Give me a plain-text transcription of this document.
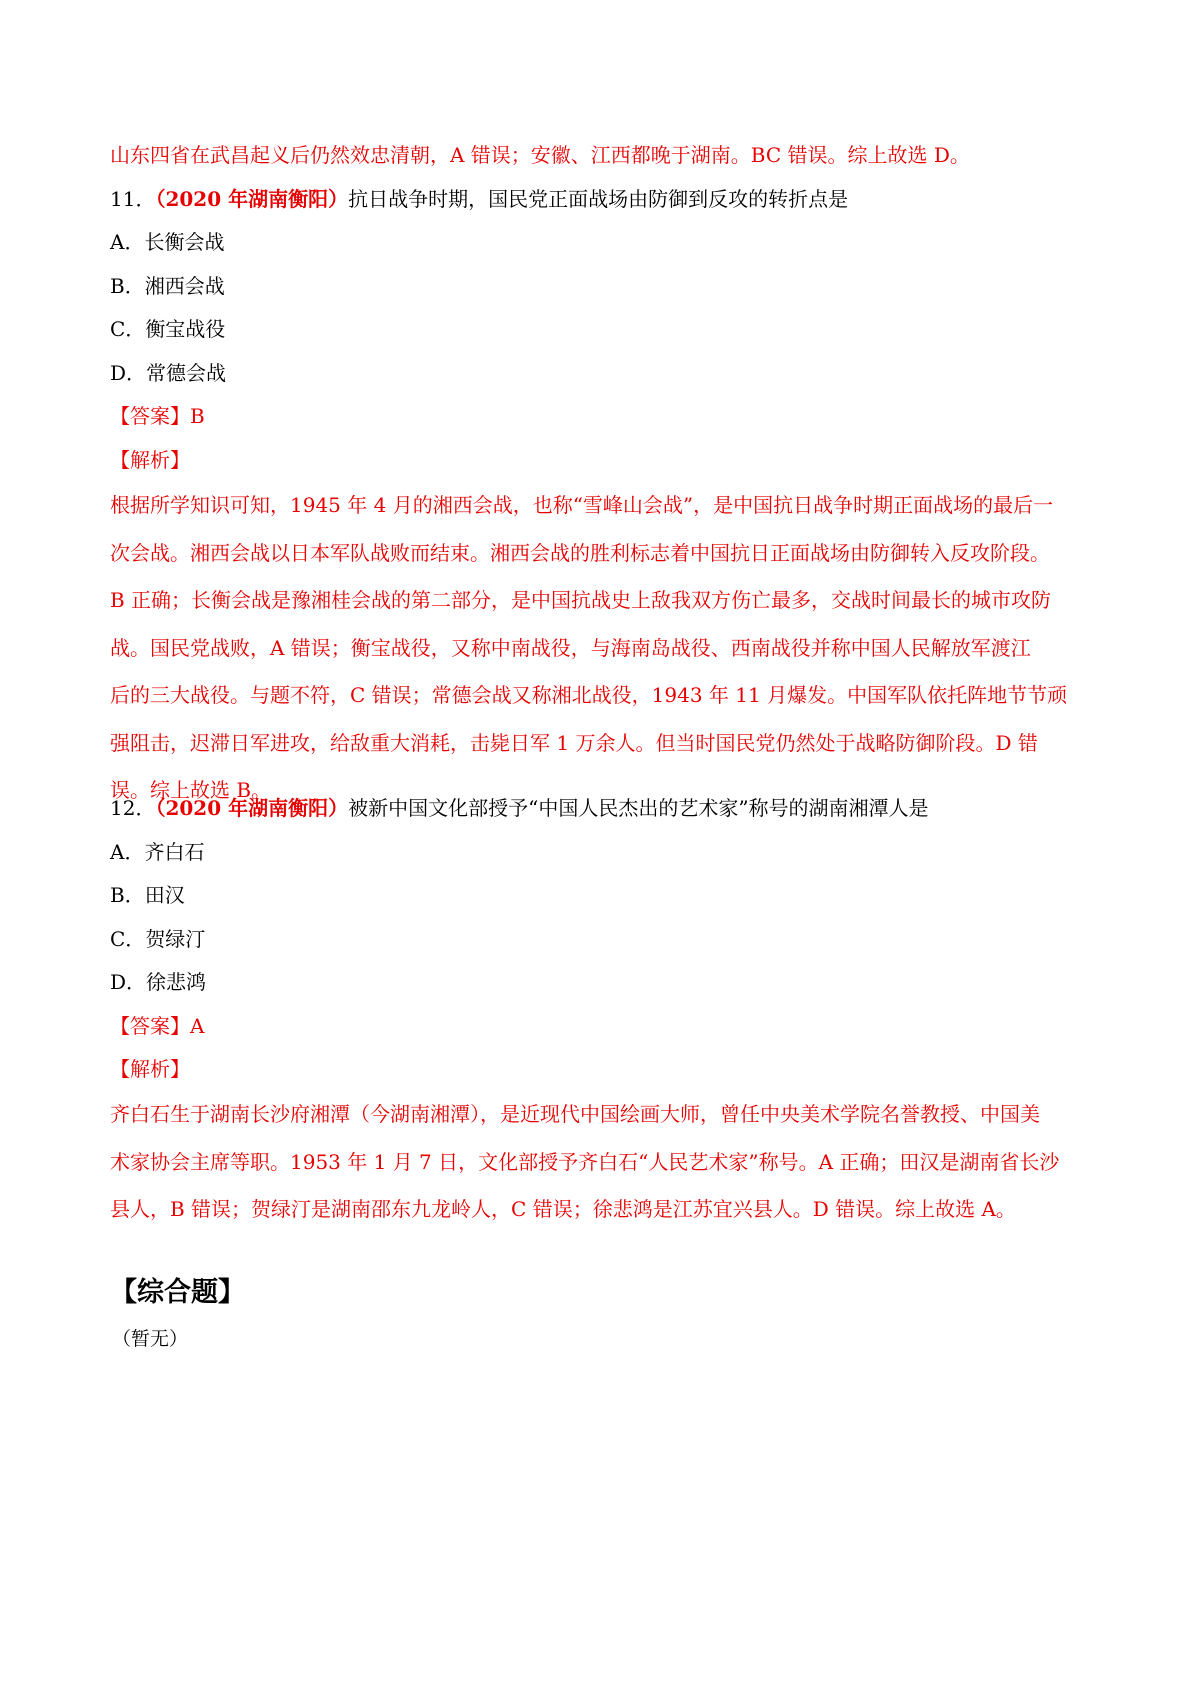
山东四省在武昌起义后仍然效忠清朝，A 错误；安徽、江西都晚于湖南。BC 错误。综上故选 D。
11．（2020 年湖南衡阳）抗日战争时期，国民党正面战场由防御到反攻的转折点是
A．长衡会战
B．湘西会战
C．衡宝战役
D．常德会战
【答案】B
【解析】
根据所学知识可知，1945 年 4 月的湘西会战，也称“雪峰山会战”，是中国抗日战争时期正面战场的最后一
次会战。湘西会战以日本军队战败而结束。湘西会战的胜利标志着中国抗日正面战场由防御转入反攻阶段。
B 正确；长衡会战是豫湘桂会战的第二部分，是中国抗战史上敌我双方伤亡最多，交战时间最长的城市攻防
战。国民党战败，A 错误；衡宝战役，又称中南战役，与海南岛战役、西南战役并称中国人民解放军渡江
后的三大战役。与题不符，C 错误；常德会战又称湘北战役，1943 年 11 月爆发。中国军队依托阵地节节顽
强阻击，迟滞日军进攻，给敌重大消耗，击毙日军 1 万余人。但当时国民党仍然处于战略防御阶段。D 错
误。综上故选 B。
12．（2020 年湖南衡阳）被新中国文化部授予“中国人民杰出的艺术家”称号的湖南湘潭人是
A．齐白石
B．田汉
C．贺绿汀
D．徐悲鸿
【答案】A
【解析】
齐白石生于湖南长沙府湘潭（今湖南湘潭），是近现代中国绘画大师，曾任中央美术学院名誉教授、中国美
术家协会主席等职。1953 年 1 月 7 日，文化部授予齐白石“人民艺术家”称号。A 正确；田汉是湖南省长沙
县人，B 错误；贺绿汀是湖南邵东九龙岭人，C 错误；徐悲鸿是江苏宜兴县人。D 错误。综上故选 A。
【综合题】
（暂无）
